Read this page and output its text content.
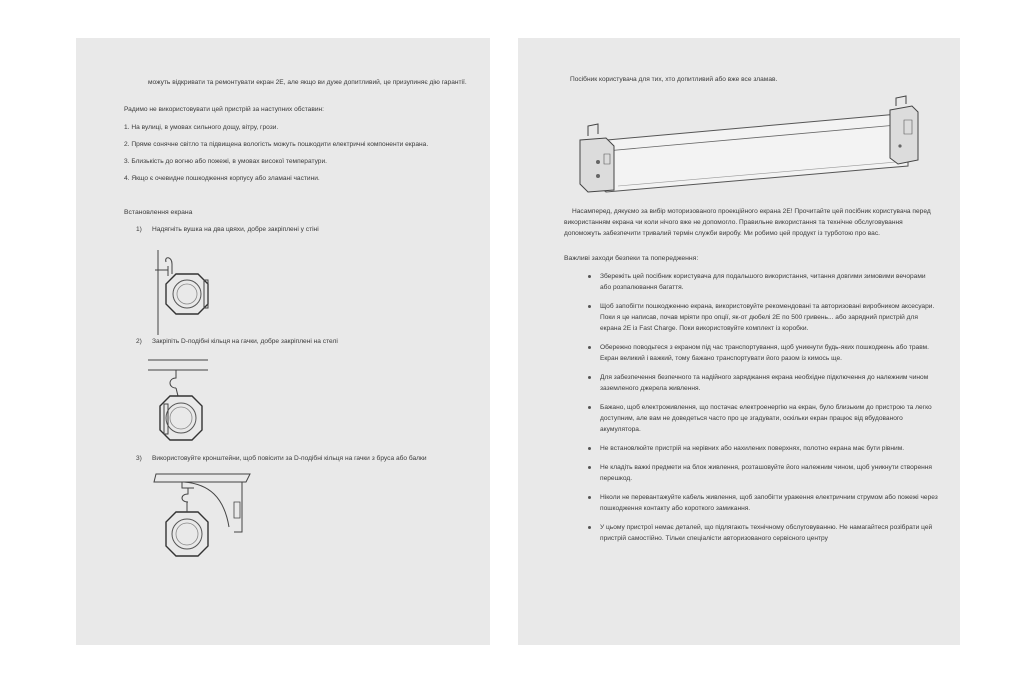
можуть відкривати та ремонтувати екран 2Е, але якщо ви дуже допитливий, це призупиняє дію гарантії.
Радимо не використовувати цей пристрій за наступних обставин:
1. На вулиці, в умовах сильного дощу, вітру, грози.
2. Пряме сонячне світло та підвищена вологість можуть пошкодити електричні компоненти екрана.
3. Близькість до вогню або пожежі, в умовах високої температури.
4. Якщо є очевидне пошкодження корпусу або зламані частини.
Встановлення екрана
1)	Надягніть вушка на два цвяхи, добре закріплені у стіні
2)	Закріпіть D-подібні кільця на гачки, добре закріплені на стелі
3)	Використовуйте кронштейни, щоб повісити за D-подібні кільця на гачки з бруса або балки
Посібник користувача для тих, хто допитливий або вже все зламав.
Насамперед, дякуємо за вибір моторизованого проекційного екрана 2Е! Прочитайте цей посібник користувача перед використанням екрана чи коли нічого вже не допомогло. Правильне використання та технічне обслуговування допоможуть забезпечити тривалий термін служби виробу. Ми робимо цей продукт із турботою про вас.
Важливі заходи безпеки та попередження:
Збережіть цей посібник користувача для подальшого використання, читання довгими зимовими вечорами або розпалювання багаття.
Щоб запобігти пошкодженню екрана, використовуйте рекомендовані та авторизовані виробником аксесуари. Поки я це написав, почав мріяти про опції, як-от дюбелі 2Е по 500 гривень... або зарядний пристрій для екрана 2Е із Fast Charge. Поки використовуйте комплект із коробки.
Обережно поводьтеся з екраном під час транспортування, щоб уникнути будь-яких пошкоджень або травм. Екран великий і важкий, тому бажано транспортувати його разом із кимось ще.
Для забезпечення безпечного та надійного заряджання екрана необхідне підключення до належним чином заземленого джерела живлення.
Бажано, щоб електроживлення, що постачає електроенергію на екран, було близьким до пристрою та легко доступним, але вам не доведеться часто про це згадувати, оскільки екран працює від вбудованого акумулятора.
Не встановлюйте пристрій на нерівних або нахилених поверхнях, полотно екрана має бути рівним.
Не кладіть важкі предмети на блок живлення, розташовуйте його належним чином, щоб уникнути створення перешкод.
Ніколи не перевантажуйте кабель живлення, щоб запобігти ураження електричним струмом або пожежі через пошкодження контакту або короткого замикання.
У цьому пристрої немає деталей, що підлягають технічному обслуговуванню. Не намагайтеся розібрати цей пристрій самостійно. Тільки спеціалісти авторизованого сервісного центру
